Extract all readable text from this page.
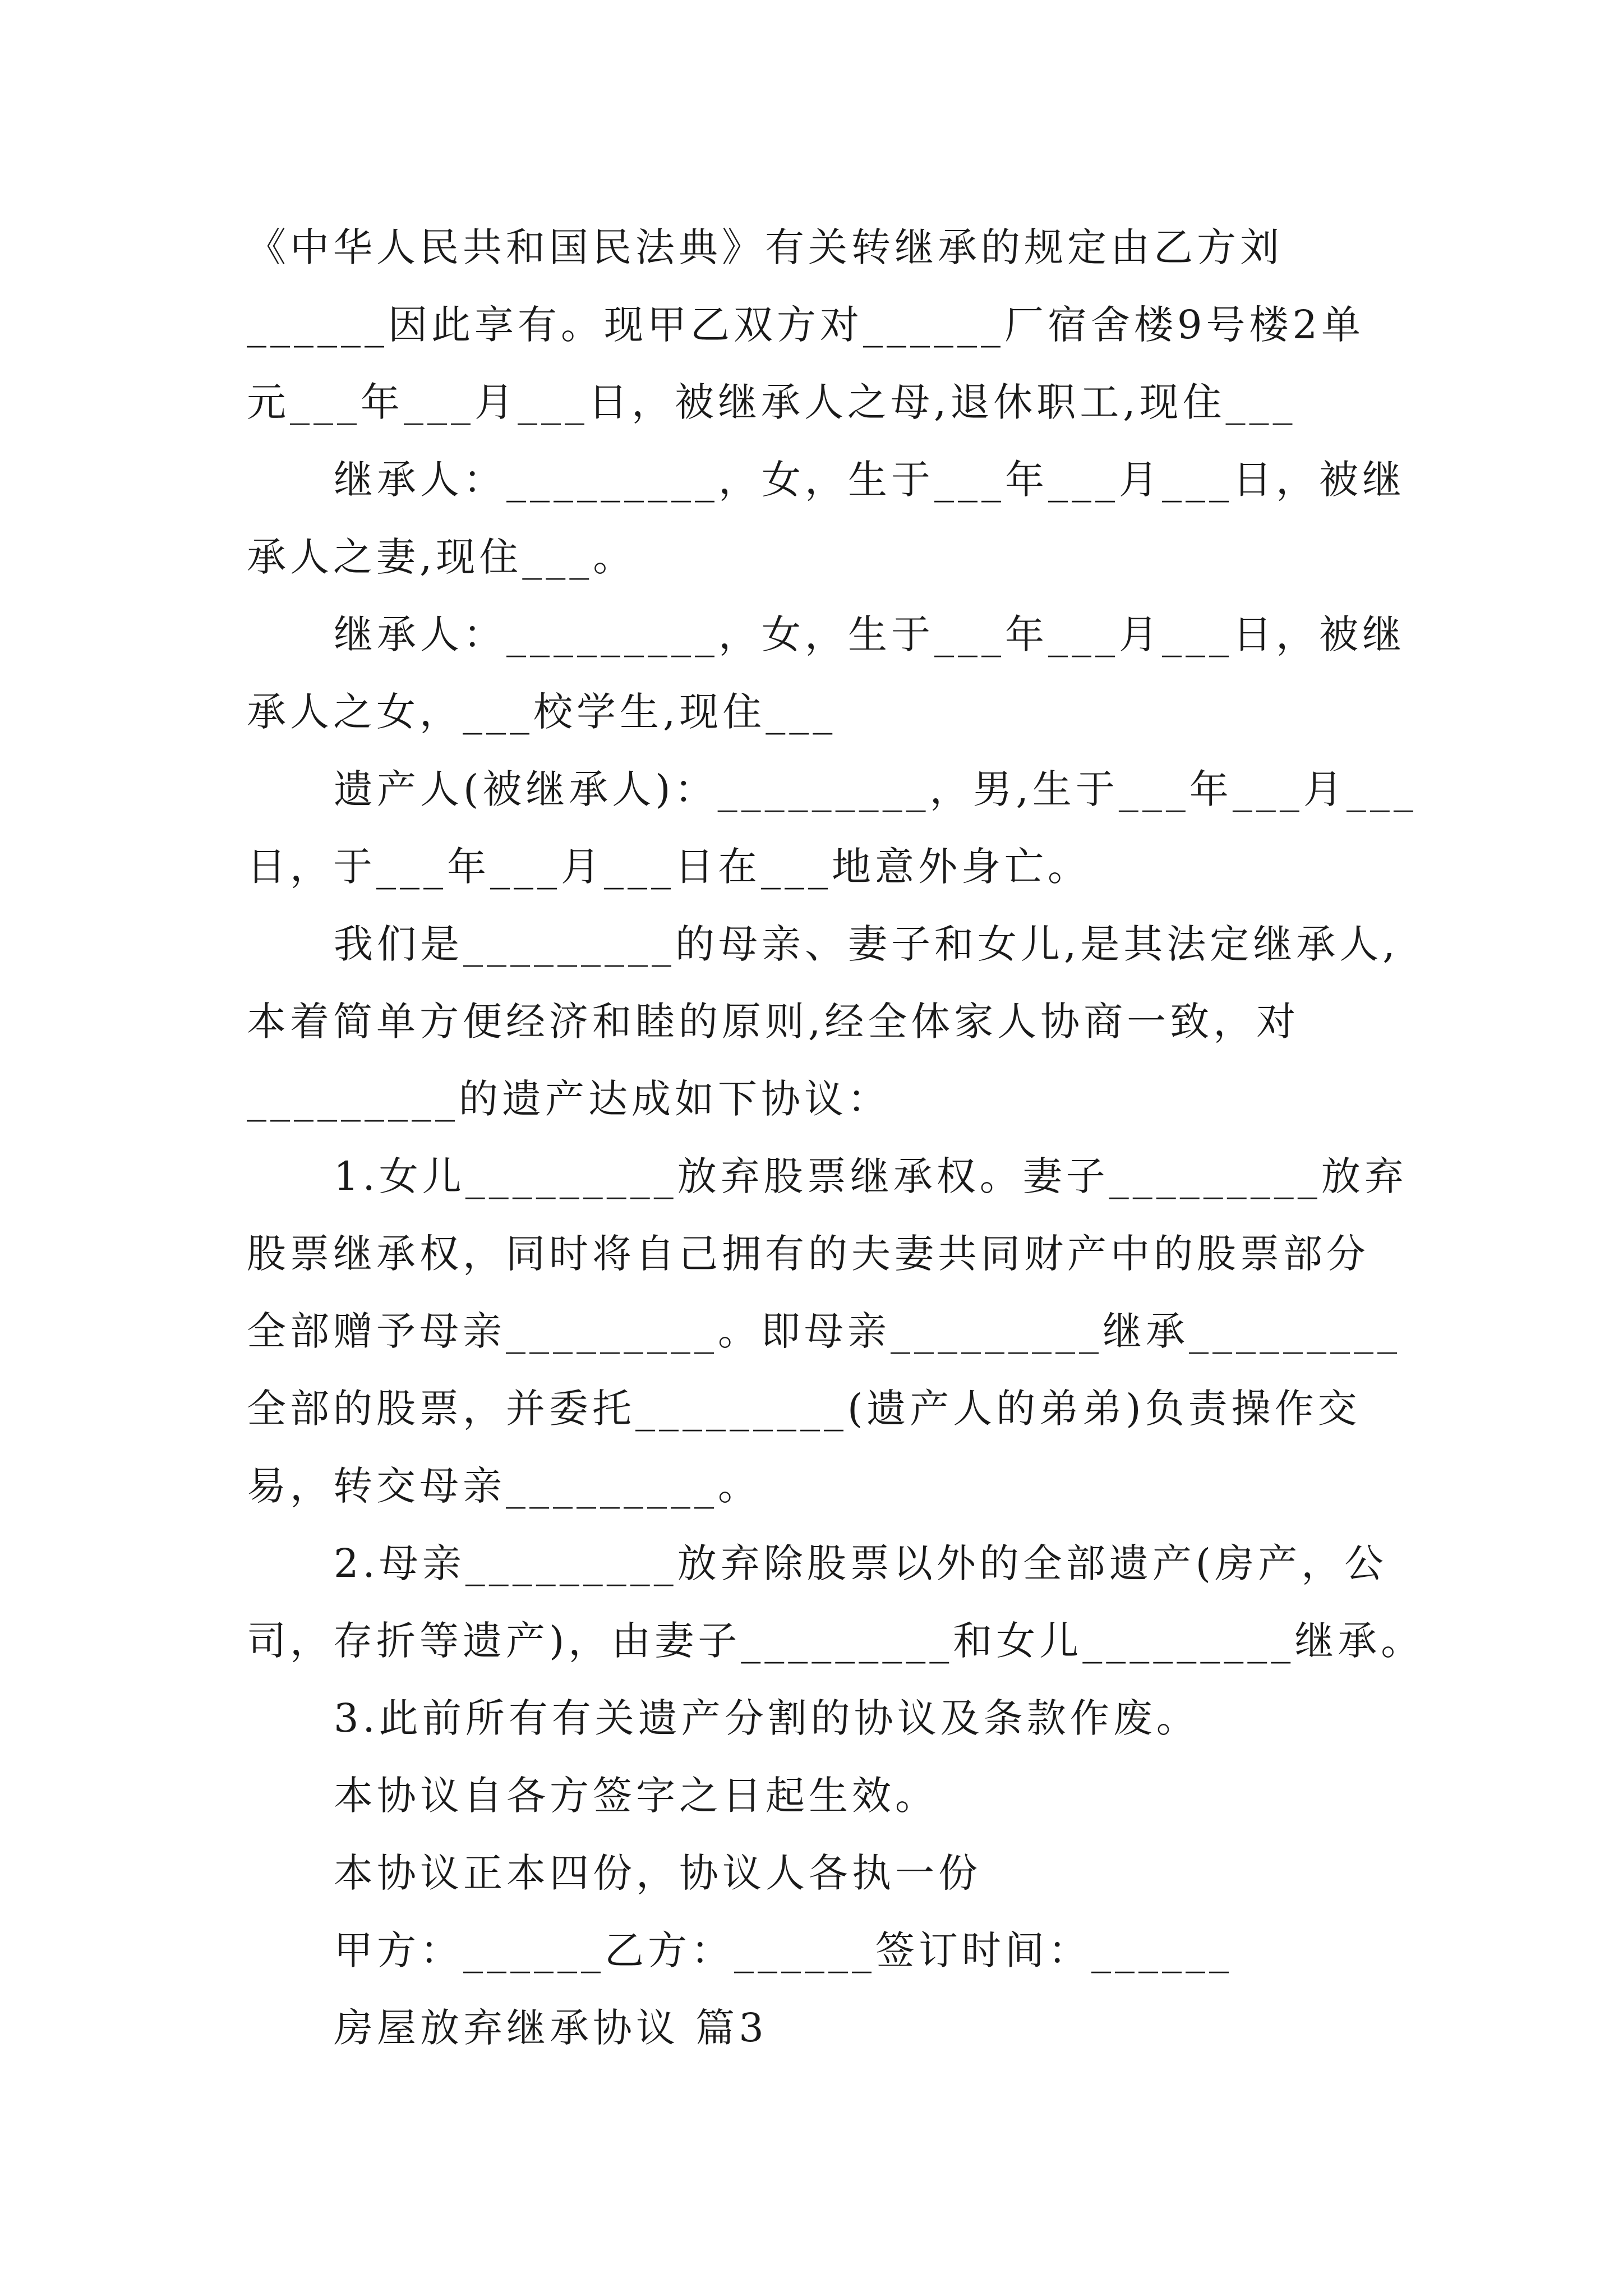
《中华人民共和国民法典》有关转继承的规定由乙方刘
______因此享有。现甲乙双方对______厂宿舍楼9号楼2单
元___年___月___日，被继承人之母,退休职工,现住___
继承人：_________，女，生于___年___月___日，被继
承人之妻,现住___。
继承人：_________，女，生于___年___月___日，被继
承人之女，___校学生,现住___
遗产人(被继承人)：_________，男,生于___年___月___
日，于___年___月___日在___地意外身亡。
我们是_________的母亲、妻子和女儿,是其法定继承人,
本着简单方便经济和睦的原则,经全体家人协商一致，对
_________的遗产达成如下协议：
1.女儿_________放弃股票继承权。妻子_________放弃
股票继承权，同时将自己拥有的夫妻共同财产中的股票部分
全部赠予母亲_________。即母亲_________继承_________
全部的股票，并委托_________(遗产人的弟弟)负责操作交
易，转交母亲_________。
2.母亲_________放弃除股票以外的全部遗产(房产，公
司，存折等遗产)，由妻子_________和女儿_________继承。
3.此前所有有关遗产分割的协议及条款作废。
本协议自各方签字之日起生效。
本协议正本四份，协议人各执一份
甲方：______乙方：______签订时间：______
房屋放弃继承协议 篇3
